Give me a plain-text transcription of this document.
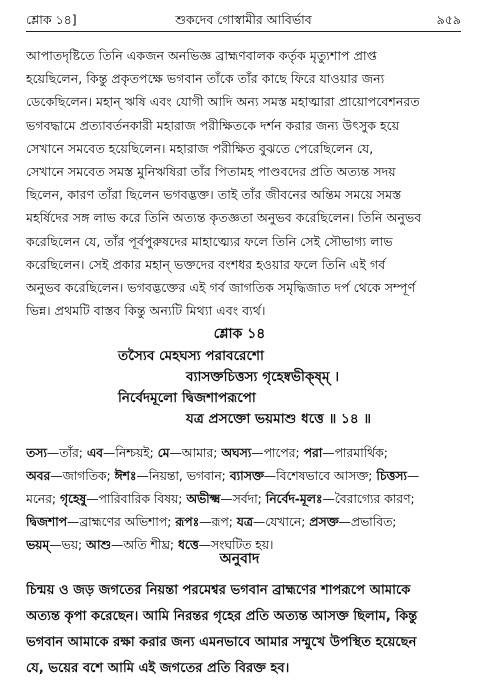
শ্লোক ১৪]	শুকদেব গোস্বামীর আবির্ভাব	৯৫৯
আপাতদৃষ্টিতে তিনি একজন অনভিজ্ঞ ব্রাহ্মণবালক কর্তৃক মৃত্যুশাপ প্রাপ্ত
হয়েছিলেন, কিন্তু প্রকৃতপক্ষে ভগবান তাঁকে তাঁর কাছে ফিরে যাওয়ার জন্য
ডেকেছিলেন। মহান্ ঋষি এবং যোগী আদি অন্য সমস্ত মহাত্মারা প্রায়োপবেশনরত
ভগবদ্ধামে প্রত্যাবর্তনকারী মহারাজ পরীক্ষিতকে দর্শন করার জন্য উৎসুক হয়ে
সেখানে সমবেত হয়েছিলেন। মহারাজ পরীক্ষিত বুঝতে পেরেছিলেন যে,
সেখানে সমবেত সমস্ত মুনিঋষিরা তাঁর পিতামহ পাণ্ডবদের প্রতি অত্যন্ত সদয়
ছিলেন, কারণ তাঁরা ছিলেন ভগবদ্ভক্ত। তাই তাঁর জীবনের অন্তিম সময়ে সমস্ত
মহর্ষিদের সঙ্গ লাভ করে তিনি অত্যন্ত কৃতজ্ঞতা অনুভব করেছিলেন। তিনি অনুভব
করেছিলেন যে, তাঁর পূর্বপুরুষদের মাহাত্ম্যের ফলে তিনি সেই সৌভাগ্য লাভ
করেছিলেন। সেই প্রকার মহান্ ভক্তদের বংশধর হওয়ার ফলে তিনি এই গর্ব
অনুভব করেছিলেন। ভগবদ্ভক্তের এই গর্ব জাগতিক সমৃদ্ধিজাত দর্প থেকে সম্পূর্ণ
ভিন্ন। প্রথমটি বাস্তব কিন্তু অন্যটি মিথ্যা এবং ব্যর্থ।
শ্লোক ১৪
তস্যৈব মেহঘস্য পরাবরেশো
ব্যাসক্তচিত্তস্য গৃহেষ্বভীক্ষ্ম্ ।
নির্বেদমূলো দ্বিজশাপরূপো
যত্র প্রসক্তো ভয়মাশু ধত্তে ॥ ১৪ ॥
তস্য—তাঁর; এব—নিশ্চয়ই; মে—আমার; অঘস্য—পাপের; পরা—পারমার্থিক;
অবর—জাগতিক; ঈশঃ—নিয়ন্তা, ভগবান; ব্যাসক্ত—বিশেষভাবে আসক্ত; চিত্তস্য—
মনের; গৃহেষু—পারিবারিক বিষয়; অভীক্ষ্ম—সর্বদা; নির্বেদ-মূলঃ—বৈরাগ্যের কারণ;
দ্বিজশাপ—ব্রাহ্মণের অভিশাপ; রূপঃ—রূপ; যত্র—যেখানে; প্রসক্ত—প্রভাবিত;
ভয়ম্—ভয়; আশু—অতি শীঘ্র; ধত্তে—সংঘটিত হয়।
অনুবাদ
চিন্ময় ও জড় জগতের নিয়ন্তা পরমেশ্বর ভগবান ব্রাহ্মণের শাপরূপে আমাকে
অত্যন্ত কৃপা করেছেন। আমি নিরন্তর গৃহের প্রতি অত্যন্ত আসক্ত ছিলাম, কিন্তু
ভগবান আমাকে রক্ষা করার জন্য এমনভাবে আমার সম্মুখে উপস্থিত হয়েছেন
যে, ভয়ের বশে আমি এই জগতের প্রতি বিরক্ত হব।
